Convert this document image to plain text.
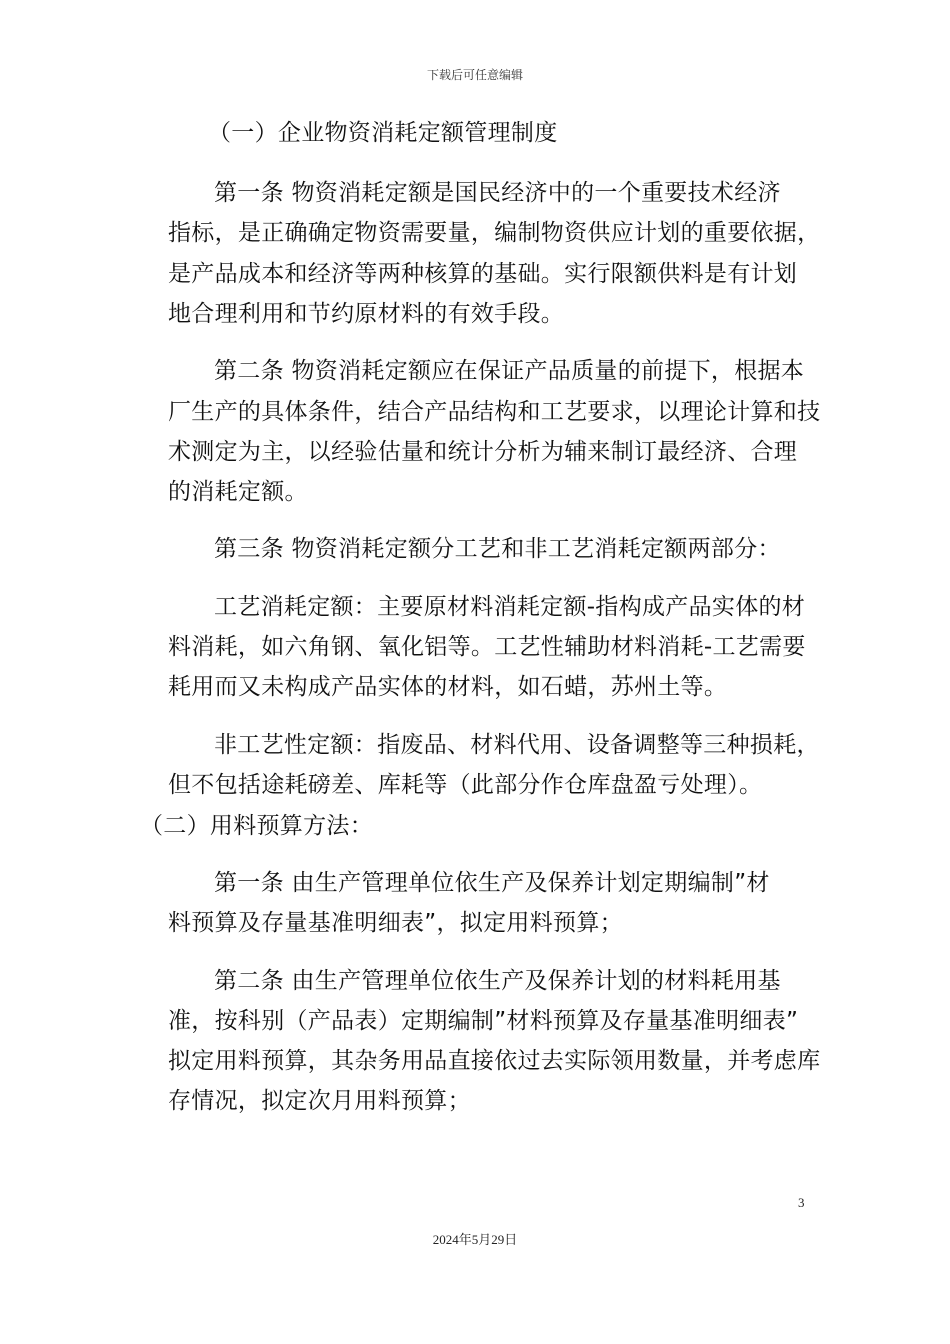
下载后可任意编辑
（一）企业物资消耗定额管理制度
第一条 物资消耗定额是国民经济中的一个重要技术经济
指标，是正确确定物资需要量，编制物资供应计划的重要依据，
是产品成本和经济等两种核算的基础。实行限额供料是有计划
地合理利用和节约原材料的有效手段。
第二条 物资消耗定额应在保证产品质量的前提下，根据本
厂生产的具体条件，结合产品结构和工艺要求，以理论计算和技
术测定为主，以经验估量和统计分析为辅来制订最经济、合理
的消耗定额。
第三条 物资消耗定额分工艺和非工艺消耗定额两部分：
工艺消耗定额：主要原材料消耗定额-指构成产品实体的材
料消耗，如六角钢、氧化铝等。工艺性辅助材料消耗-工艺需要
耗用而又未构成产品实体的材料，如石蜡，苏州土等。
非工艺性定额：指废品、材料代用、设备调整等三种损耗，
但不包括途耗磅差、库耗等（此部分作仓库盘盈亏处理）。
（二）用料预算方法：
第一条 由生产管理单位依生产及保养计划定期编制”材
料预算及存量基准明细表”，拟定用料预算；
第二条 由生产管理单位依生产及保养计划的材料耗用基
准，按科别（产品表）定期编制”材料预算及存量基准明细表”
拟定用料预算，其杂务用品直接依过去实际领用数量，并考虑库
存情况，拟定次月用料预算；
3
2024年5月29日
